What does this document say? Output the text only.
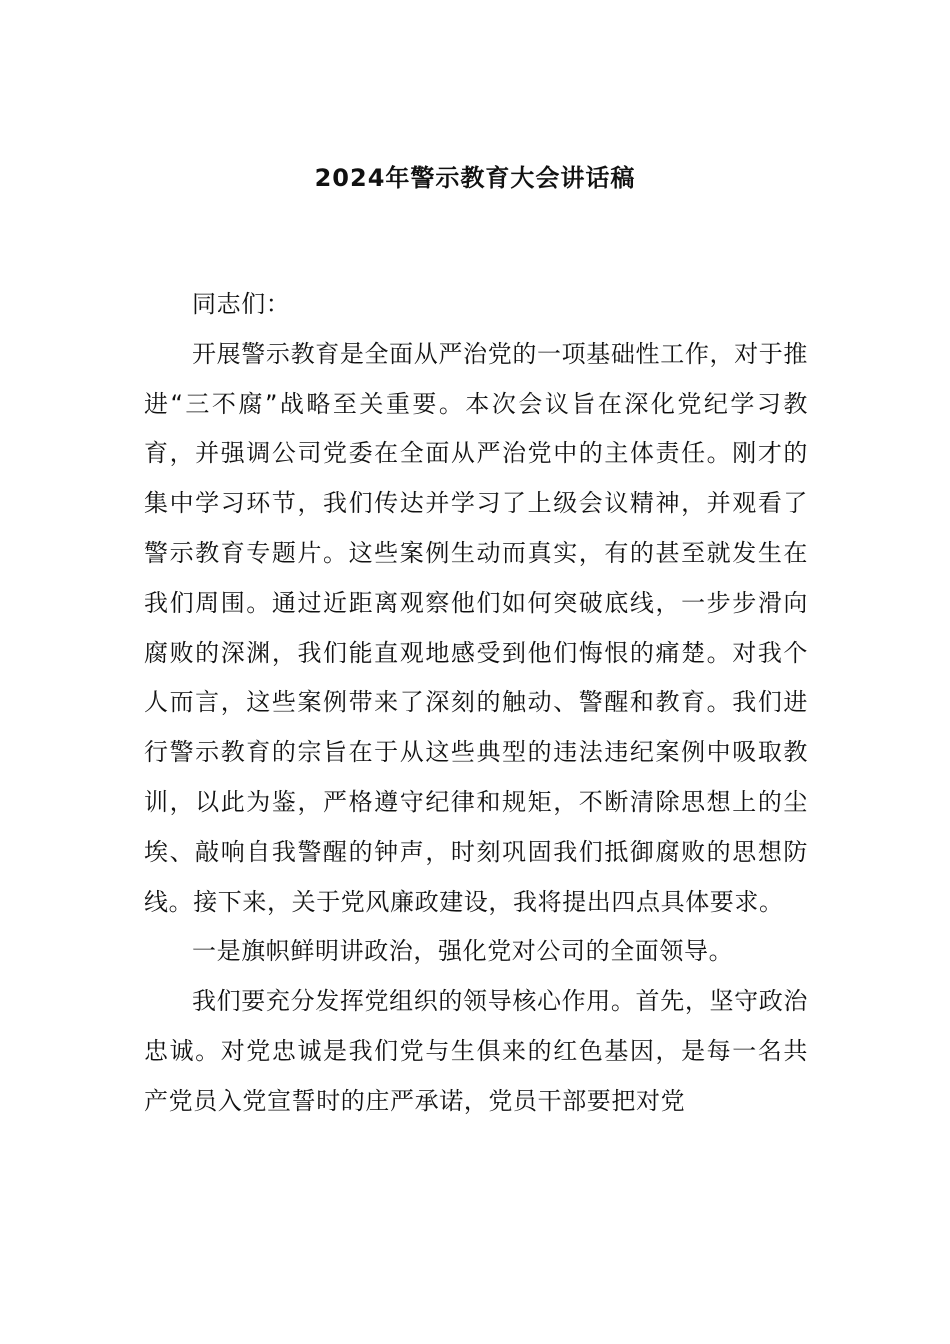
2024年警示教育大会讲话稿

同志们：

开展警示教育是全面从严治党的一项基础性工作，对于推进“三不腐”战略至关重要。本次会议旨在深化党纪学习教育，并强调公司党委在全面从严治党中的主体责任。刚才的集中学习环节，我们传达并学习了上级会议精神，并观看了警示教育专题片。这些案例生动而真实，有的甚至就发生在我们周围。通过近距离观察他们如何突破底线，一步步滑向腐败的深渊，我们能直观地感受到他们悔恨的痛楚。对我个人而言，这些案例带来了深刻的触动、警醒和教育。我们进行警示教育的宗旨在于从这些典型的违法违纪案例中吸取教训，以此为鉴，严格遵守纪律和规矩，不断清除思想上的尘埃、敲响自我警醒的钟声，时刻巩固我们抵御腐败的思想防线。接下来，关于党风廉政建设，我将提出四点具体要求。

一是旗帜鲜明讲政治，强化党对公司的全面领导。

我们要充分发挥党组织的领导核心作用。首先，坚守政治忠诚。对党忠诚是我们党与生俱来的红色基因，是每一名共产党员入党宣誓时的庄严承诺，党员干部要把对党
